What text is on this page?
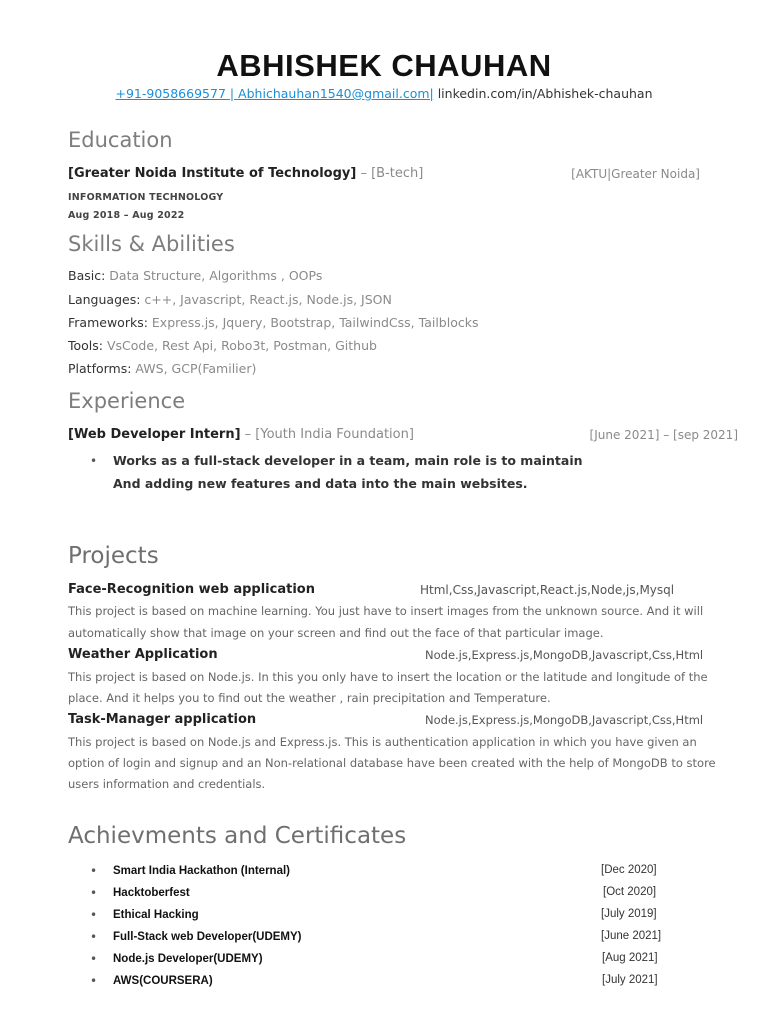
ABHISHEK CHAUHAN
+91-9058669577 | Abhichauhan1540@gmail.com| linkedin.com/in/Abhishek-chauhan
Education
[Greater Noida Institute of Technology] – [B-tech]	[AKTU|Greater Noida]
INFORMATION TECHNOLOGY
Aug 2018 – Aug 2022
Skills & Abilities
Basic: Data Structure, Algorithms , OOPs
Languages: c++, Javascript, React.js, Node.js, JSON
Frameworks: Express.js, Jquery, Bootstrap, TailwindCss, Tailblocks
Tools: VsCode, Rest Api, Robo3t, Postman, Github
Platforms: AWS, GCP(Familier)
Experience
[Web Developer Intern] – [Youth India Foundation]	[June 2021] – [sep 2021]
• Works as a full-stack developer in a team, main role is to maintain
And adding new features and data into the main websites.
Projects
Face-Recognition web application	Html,Css,Javascript,React.js,Node,js,Mysql
This project is based on machine learning. You just have to insert images from the unknown source. And it will
automatically show that image on your screen and find out the face of that particular image.
Weather Application	Node.js,Express.js,MongoDB,Javascript,Css,Html
This project is based on Node.js. In this you only have to insert the location or the latitude and longitude of the
place. And it helps you to find out the weather , rain precipitation and Temperature.
Task-Manager application	Node.js,Express.js,MongoDB,Javascript,Css,Html
This project is based on Node.js and Express.js. This is authentication application in which you have given an
option of login and signup and an Non-relational database have been created with the help of MongoDB to store
users information and credentials.
Achievments and Certificates
• Smart India Hackathon (Internal)	[Dec 2020]
• Hacktoberfest	[Oct 2020]
• Ethical Hacking	[July 2019]
• Full-Stack web Developer(UDEMY)	[June 2021]
• Node.js Developer(UDEMY)	[Aug 2021]
• AWS(COURSERA)	[July 2021]
